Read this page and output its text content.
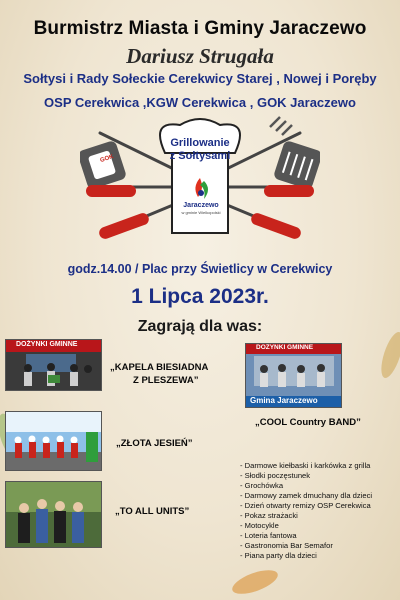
Burmistrz Miasta i Gminy Jaraczewo
Dariusz Strugała
Sołtysi i Rady Sołeckie Cerekwicy Starej , Nowej i Poręby
OSP Cerekwica ,KGW Cerekwica , GOK Jaraczewo
Grillowanie
z Sołtysami
Jaraczewo
w gminie Wielkopolski
GOK
godz.14.00 / Plac przy Świetlicy w Cerekwicy
1 Lipca 2023r.
Zagrają dla was:
DOŻYNKI GMINNE
„KAPELA BIESIADNA
Z PLESZEWA”
DOŻYNKI GMINNE
Gmina Jaraczewo
„COOL Country BAND”
„ZŁOTA JESIEŃ”
„TO ALL UNITS”
- Darmowe kiełbaski i karkówka z grilla
- Słodki poczęstunek
- Grochówka
- Darmowy zamek dmuchany dla dzieci
- Dzień otwarty remizy OSP Cerekwica
- Pokaz strażacki
- Motocykle
- Loteria fantowa
- Gastronomia Bar Semafor
- Piana party dla dzieci
